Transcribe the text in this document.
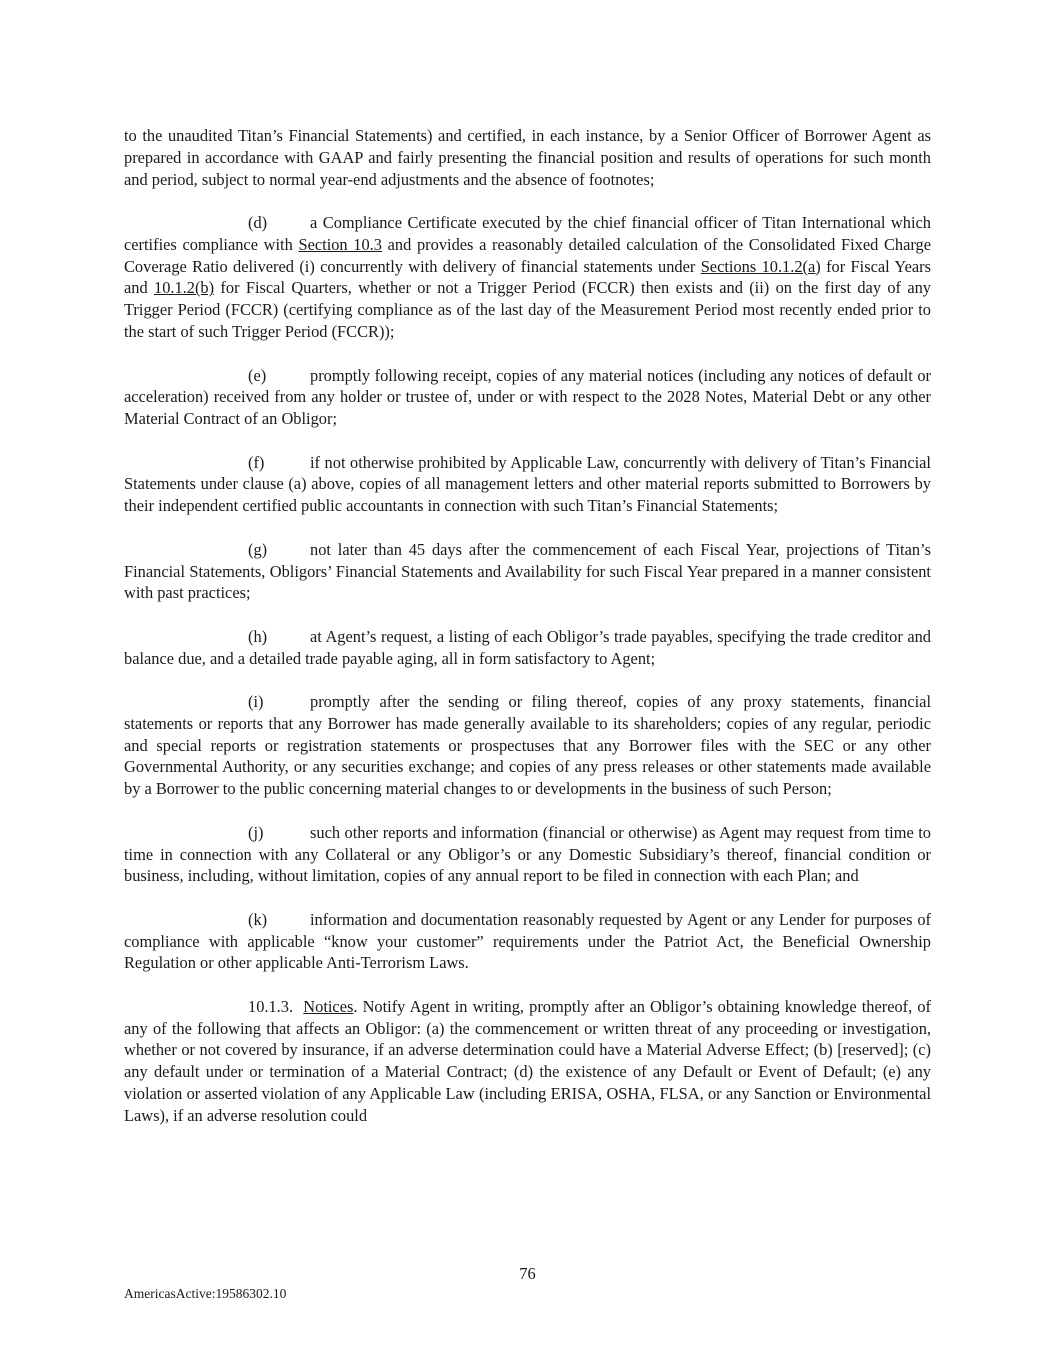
to the unaudited Titan’s Financial Statements) and certified, in each instance, by a Senior Officer of Borrower Agent as prepared in accordance with GAAP and fairly presenting the financial position and results of operations for such month and period, subject to normal year-end adjustments and the absence of footnotes;

(d)	a Compliance Certificate executed by the chief financial officer of Titan International which certifies compliance with Section 10.3 and provides a reasonably detailed calculation of the Consolidated Fixed Charge Coverage Ratio delivered (i) concurrently with delivery of financial statements under Sections 10.1.2(a) for Fiscal Years and 10.1.2(b) for Fiscal Quarters, whether or not a Trigger Period (FCCR) then exists and (ii) on the first day of any Trigger Period (FCCR) (certifying compliance as of the last day of the Measurement Period most recently ended prior to the start of such Trigger Period (FCCR));

(e)	promptly following receipt, copies of any material notices (including any notices of default or acceleration) received from any holder or trustee of, under or with respect to the 2028 Notes, Material Debt or any other Material Contract of an Obligor;

(f)	if not otherwise prohibited by Applicable Law, concurrently with delivery of Titan’s Financial Statements under clause (a) above, copies of all management letters and other material reports submitted to Borrowers by their independent certified public accountants in connection with such Titan’s Financial Statements;

(g)	not later than 45 days after the commencement of each Fiscal Year, projections of Titan’s Financial Statements, Obligors’ Financial Statements and Availability for such Fiscal Year prepared in a manner consistent with past practices;

(h)	at Agent’s request, a listing of each Obligor’s trade payables, specifying the trade creditor and balance due, and a detailed trade payable aging, all in form satisfactory to Agent;

(i)	promptly after the sending or filing thereof, copies of any proxy statements, financial statements or reports that any Borrower has made generally available to its shareholders; copies of any regular, periodic and special reports or registration statements or prospectuses that any Borrower files with the SEC or any other Governmental Authority, or any securities exchange; and copies of any press releases or other statements made available by a Borrower to the public concerning material changes to or developments in the business of such Person;

(j)	such other reports and information (financial or otherwise) as Agent may request from time to time in connection with any Collateral or any Obligor’s or any Domestic Subsidiary’s thereof, financial condition or business, including, without limitation, copies of any annual report to be filed in connection with each Plan; and

(k)	information and documentation reasonably requested by Agent or any Lender for purposes of compliance with applicable “know your customer” requirements under the Patriot Act, the Beneficial Ownership Regulation or other applicable Anti-Terrorism Laws.

10.1.3. Notices. Notify Agent in writing, promptly after an Obligor’s obtaining knowledge thereof, of any of the following that affects an Obligor: (a) the commencement or written threat of any proceeding or investigation, whether or not covered by insurance, if an adverse determination could have a Material Adverse Effect; (b) [reserved]; (c) any default under or termination of a Material Contract; (d) the existence of any Default or Event of Default; (e) any violation or asserted violation of any Applicable Law (including ERISA, OSHA, FLSA, or any Sanction or Environmental Laws), if an adverse resolution could

76
AmericasActive:19586302.10
